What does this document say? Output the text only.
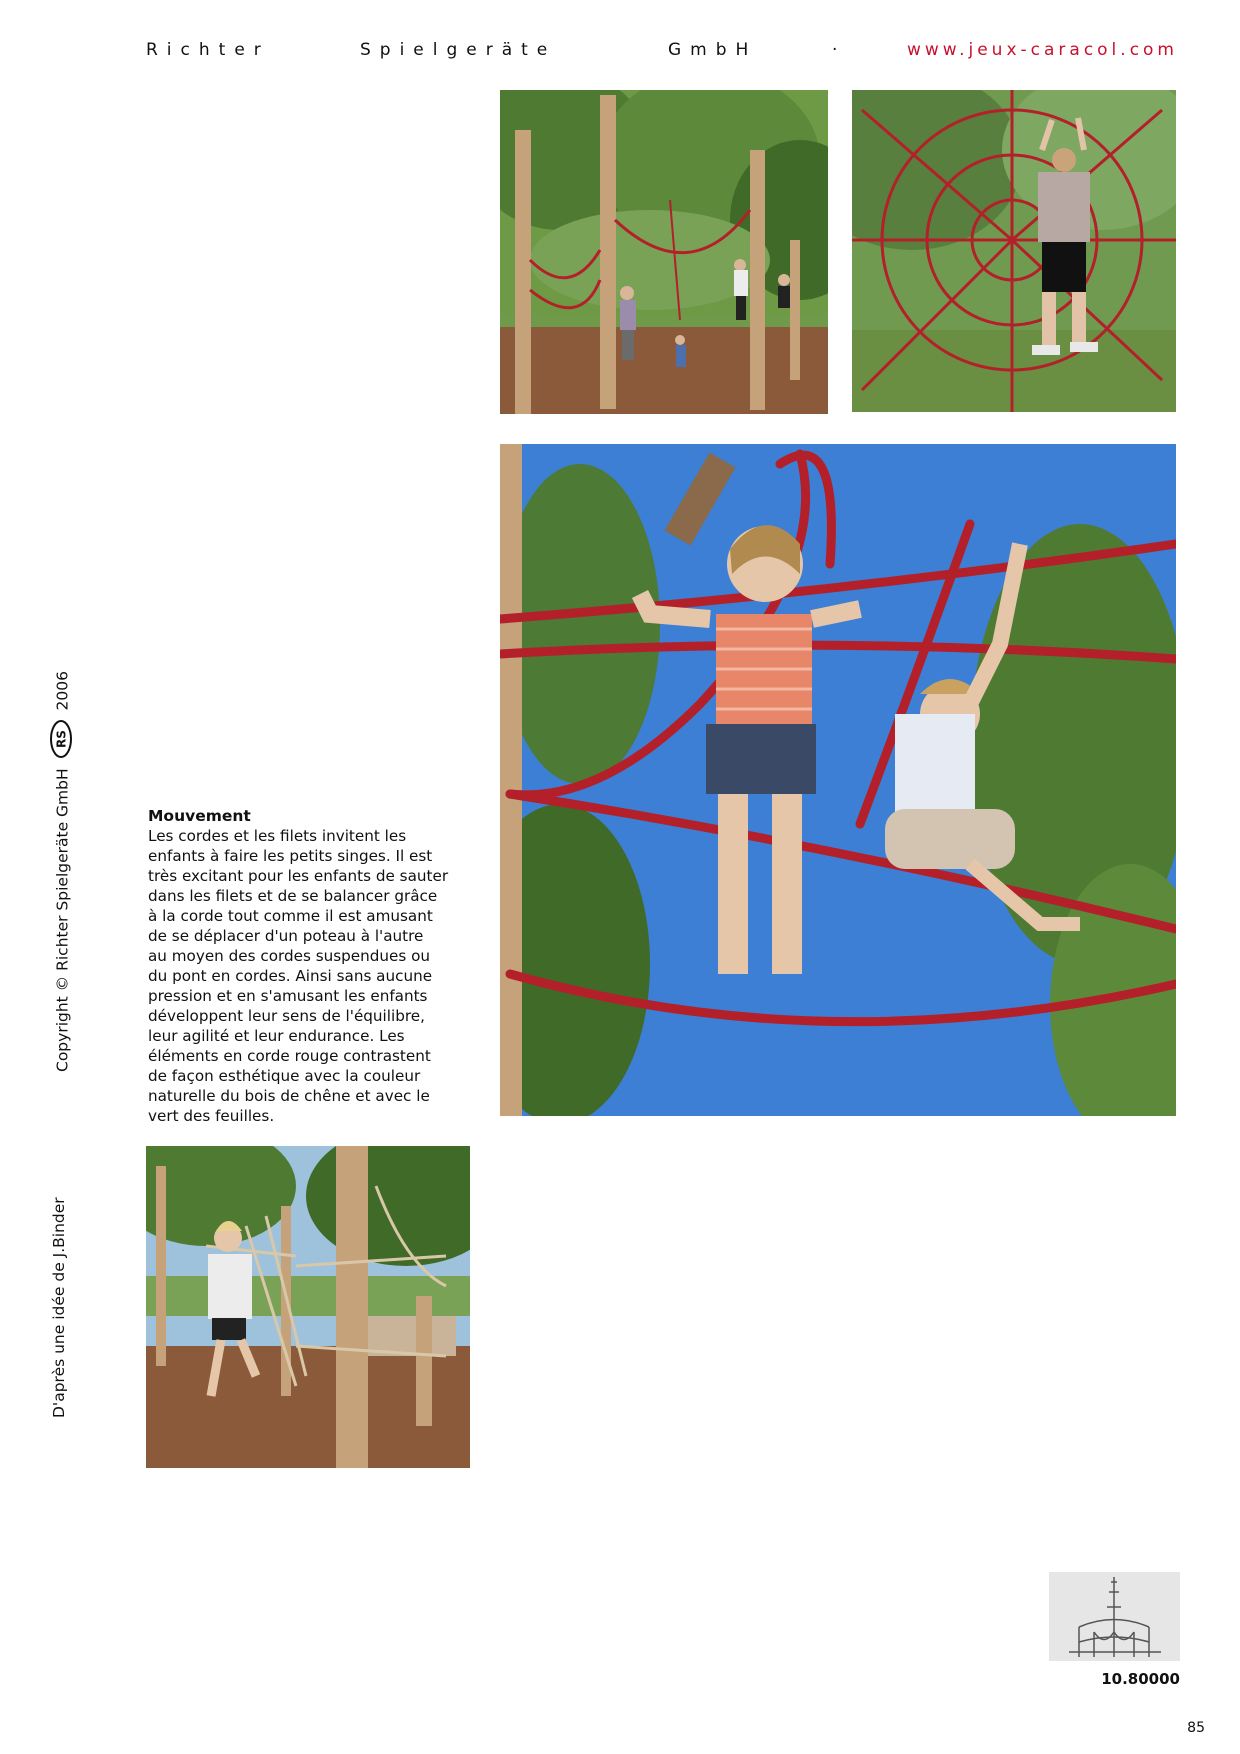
Richter	Spielgeräte	GmbH	·	www.jeux-caracol.com
Copyright © Richter Spielgeräte GmbH
RS
2006
D'après une idée de J.Binder
Mouvement

Les cordes et les filets invitent les

enfants à faire les petits singes. Il est

très excitant pour les enfants de sauter

dans les filets et de se balancer grâce

à la corde tout comme il est amusant

de se déplacer d'un poteau à l'autre

au moyen des cordes suspendues ou

du pont en cordes. Ainsi sans aucune

pression et en s'amusant les enfants

développent leur sens de l'équilibre,

leur agilité et leur endurance. Les

éléments en corde rouge contrastent

de façon esthétique avec la couleur

naturelle du bois de chêne et avec le

vert des feuilles.

10.80000
85
